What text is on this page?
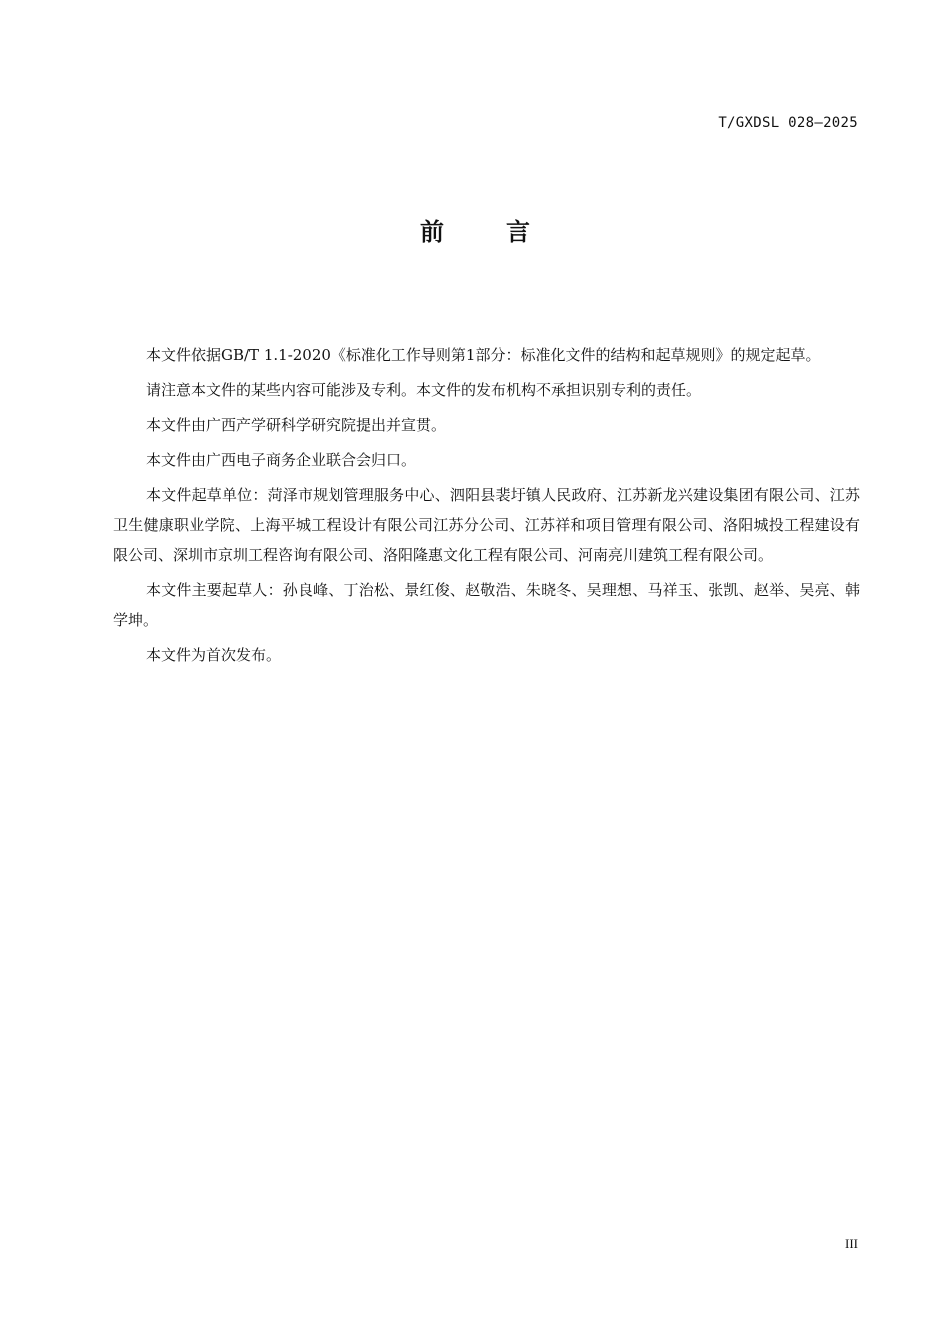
T/GXDSL 028—2025
前	言

本文件依据GB/T 1.1-2020《标准化工作导则第1部分：标准化文件的结构和起草规则》的规定起草。

请注意本文件的某些内容可能涉及专利。本文件的发布机构不承担识别专利的责任。

本文件由广西产学研科学研究院提出并宣贯。

本文件由广西电子商务企业联合会归口。

本文件起草单位：菏泽市规划管理服务中心、泗阳县裴圩镇人民政府、江苏新龙兴建设集团有限公司、江苏卫生健康职业学院、上海平城工程设计有限公司江苏分公司、江苏祥和项目管理有限公司、洛阳城投工程建设有限公司、深圳市京圳工程咨询有限公司、洛阳隆惠文化工程有限公司、河南亮川建筑工程有限公司。

本文件主要起草人：孙良峰、丁治松、景红俊、赵敬浩、朱晓冬、吴理想、马祥玉、张凯、赵举、吴亮、韩学坤。

本文件为首次发布。

III
